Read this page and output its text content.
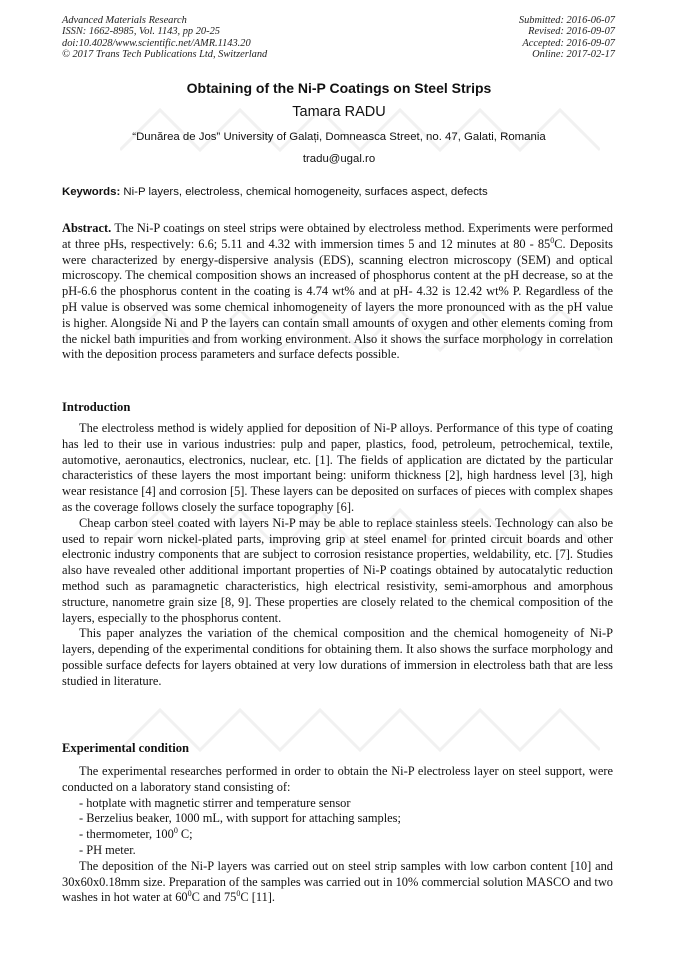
Advanced Materials Research
ISSN: 1662-8985, Vol. 1143, pp 20-25
doi:10.4028/www.scientific.net/AMR.1143.20
© 2017 Trans Tech Publications Ltd, Switzerland
Submitted: 2016-06-07
Revised: 2016-09-07
Accepted: 2016-09-07
Online: 2017-02-17
Obtaining of the Ni-P Coatings on Steel Strips
Tamara RADU
“Dunărea de Jos” University of Galați, Domneasca Street, no. 47, Galati, Romania
tradu@ugal.ro
Keywords: Ni-P layers, electroless, chemical homogeneity, surfaces aspect, defects

Abstract. The Ni-P coatings on steel strips were obtained by electroless method. Experiments were performed at three pHs, respectively: 6.6; 5.11 and 4.32 with immersion times 5 and 12 minutes at $80 - 85^0C$. Deposits were characterized by energy-dispersive analysis (EDS), scanning electron microscopy (SEM) and optical microscopy. The chemical composition shows an increased of phosphorus content at the pH decrease, so at the pH-6.6 the phosphorus content in the coating is 4.74 wt% and at pH- 4.32 is 12.42 wt% P. Regardless of the pH value is observed was some chemical inhomogeneity of layers the more pronounced with as the pH value is higher. Alongside Ni and P the layers can contain small amounts of oxygen and other elements coming from the nickel bath impurities and from working environment. Also it shows the surface morphology in correlation with the deposition process parameters and surface defects possible.

Introduction

The electroless method is widely applied for deposition of Ni-P alloys. Performance of this type of coating has led to their use in various industries: pulp and paper, plastics, food, petroleum, petrochemical, textile, automotive, aeronautics, electronics, nuclear, etc. [1]. The fields of application are dictated by the particular characteristics of these layers the most important being: uniform thickness [2], high hardness level [3], high wear resistance [4] and corrosion [5]. These layers can be deposited on surfaces of pieces with complex shapes as the coverage follows closely the surface topography [6].

Cheap carbon steel coated with layers Ni-P may be able to replace stainless steels. Technology can also be used to repair worn nickel-plated parts, improving grip at steel enamel for printed circuit boards and other electronic industry components that are subject to corrosion resistance properties, weldability, etc. [7]. Studies also have revealed other additional important properties of Ni-P coatings obtained by autocatalytic reduction method such as paramagnetic characteristics, high electrical resistivity, semi-amorphous and amorphous structure, nanometre grain size [8, 9]. These properties are closely related to the chemical composition of the layers, especially to the phosphorus content.

This paper analyzes the variation of the chemical composition and the chemical homogeneity of Ni-P layers, depending of the experimental conditions for obtaining them. It also shows the surface morphology and possible surface defects for layers obtained at very low durations of immersion in electroless bath that are less studied in literature.

Experimental condition

The experimental researches performed in order to obtain the Ni-P electroless layer on steel support, were conducted on a laboratory stand consisting of:

- hotplate with magnetic stirrer and temperature sensor
- Berzelius beaker, 1000 mL, with support for attaching samples;
- thermometer, $100^0$ C;
- PH meter.

The deposition of the Ni-P layers was carried out on steel strip samples with low carbon content [10] and 30x60x0.18mm size. Preparation of the samples was carried out in 10% commercial solution MASCO and two washes in hot water at $60^0C$ and $75^0C$ [11].
